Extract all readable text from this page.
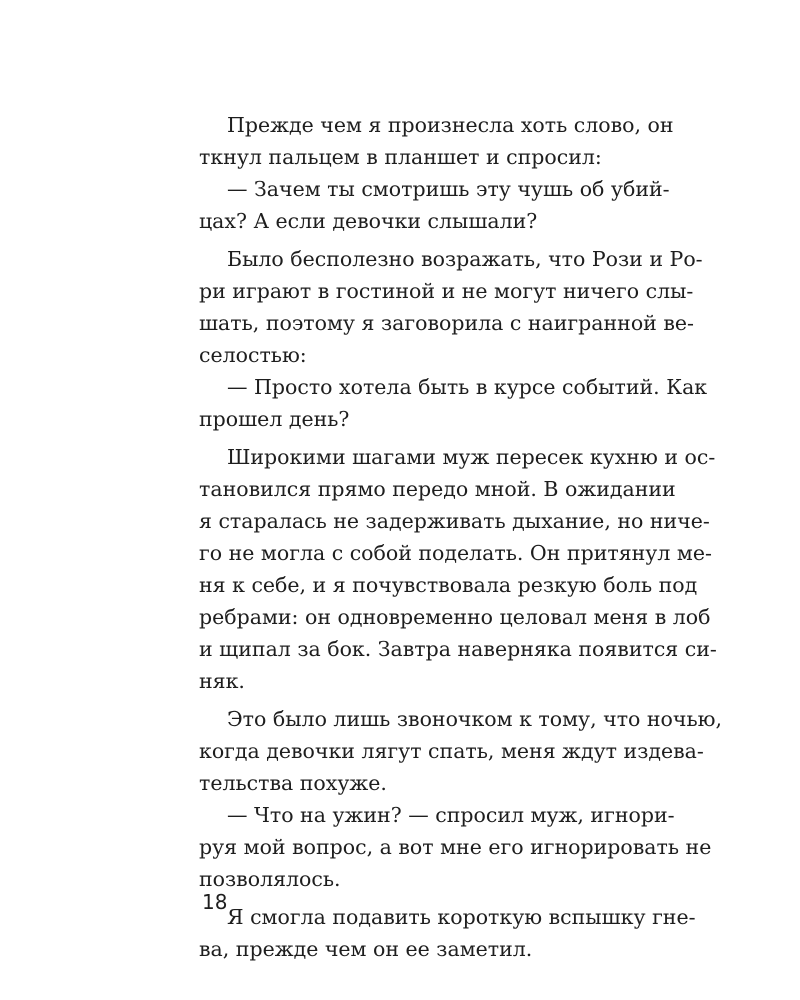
Прежде чем я произнесла хоть слово, он
ткнул пальцем в планшет и спросил:
— Зачем ты смотришь эту чушь об убий-
цах? А если девочки слышали?
Было бесполезно возражать, что Рози и Ро-
ри играют в гостиной и не могут ничего слы-
шать, поэтому я заговорила с наигранной ве-
селостью:
— Просто хотела быть в курсе событий. Как
прошел день?
Широкими шагами муж пересек кухню и ос-
тановился прямо передо мной. В ожидании
я старалась не задерживать дыхание, но ниче-
го не могла с собой поделать. Он притянул ме-
ня к себе, и я почувствовала резкую боль под
ребрами: он одновременно целовал меня в лоб
и щипал за бок. Завтра наверняка появится си-
няк.
Это было лишь звоночком к тому, что ночью,
когда девочки лягут спать, меня ждут издева-
тельства похуже.
— Что на ужин? — спросил муж, игнори-
руя мой вопрос, а вот мне его игнорировать не
позволялось.
Я смогла подавить короткую вспышку гне-
ва, прежде чем он ее заметил.
18
